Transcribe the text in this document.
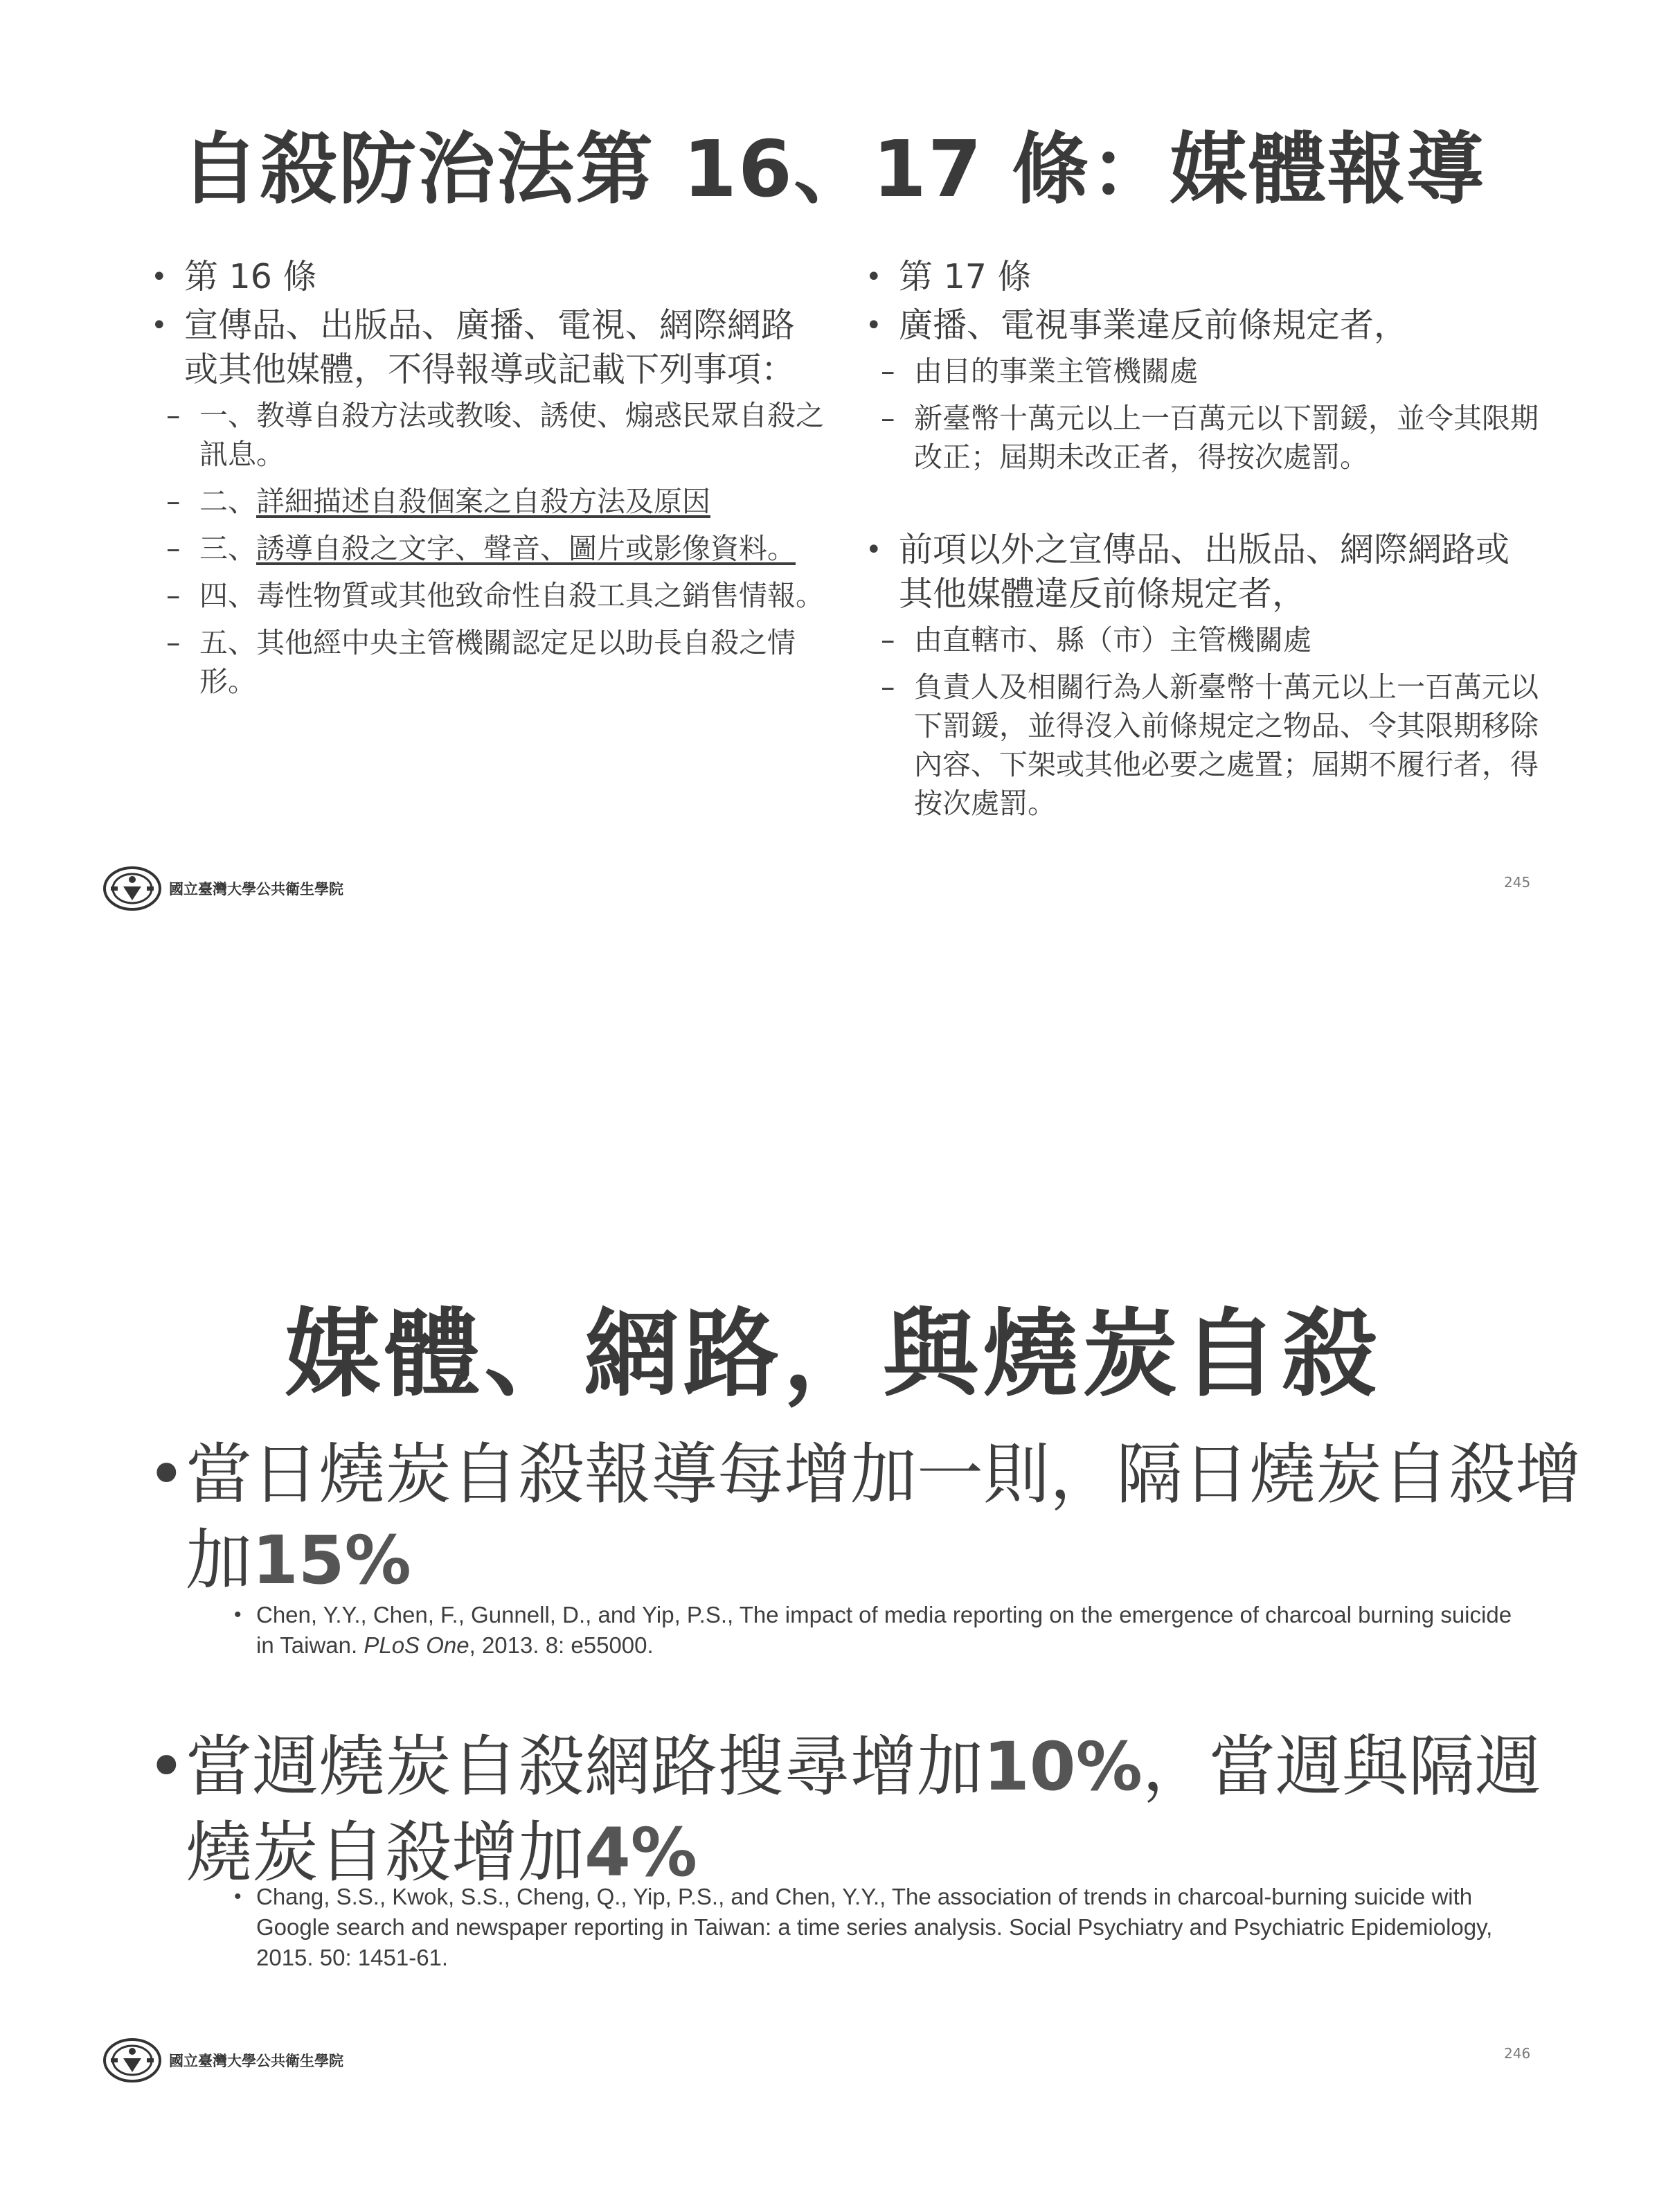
自殺防治法第 16、17 條：媒體報導
• 第 16 條
• 宣傳品、出版品、廣播、電視、網際網路或其他媒體，不得報導或記載下列事項：
– 一、教導自殺方法或教唆、誘使、煽惑民眾自殺之訊息。
– 二、詳細描述自殺個案之自殺方法及原因
– 三、誘導自殺之文字、聲音、圖片或影像資料。
– 四、毒性物質或其他致命性自殺工具之銷售情報。
– 五、其他經中央主管機關認定足以助長自殺之情形。
• 第 17 條
• 廣播、電視事業違反前條規定者，
– 由目的事業主管機關處
– 新臺幣十萬元以上一百萬元以下罰鍰，並令其限期改正；屆期未改正者，得按次處罰。
• 前項以外之宣傳品、出版品、網際網路或其他媒體違反前條規定者，
– 由直轄市、縣（市）主管機關處
– 負責人及相關行為人新臺幣十萬元以上一百萬元以下罰鍰，並得沒入前條規定之物品、令其限期移除內容、下架或其他必要之處置；屆期不履行者，得按次處罰。
國立臺灣大學公共衛生學院	245
媒體、網路，與燒炭自殺
• 當日燒炭自殺報導每增加一則，隔日燒炭自殺增加15%
• Chen, Y.Y., Chen, F., Gunnell, D., and Yip, P.S., The impact of media reporting on the emergence of charcoal burning suicide in Taiwan. PLoS One, 2013. 8: e55000.
• 當週燒炭自殺網路搜尋增加10%，當週與隔週燒炭自殺增加4%
• Chang, S.S., Kwok, S.S., Cheng, Q., Yip, P.S., and Chen, Y.Y., The association of trends in charcoal-burning suicide with Google search and newspaper reporting in Taiwan: a time series analysis. Social Psychiatry and Psychiatric Epidemiology, 2015. 50: 1451-61.
國立臺灣大學公共衛生學院	246
